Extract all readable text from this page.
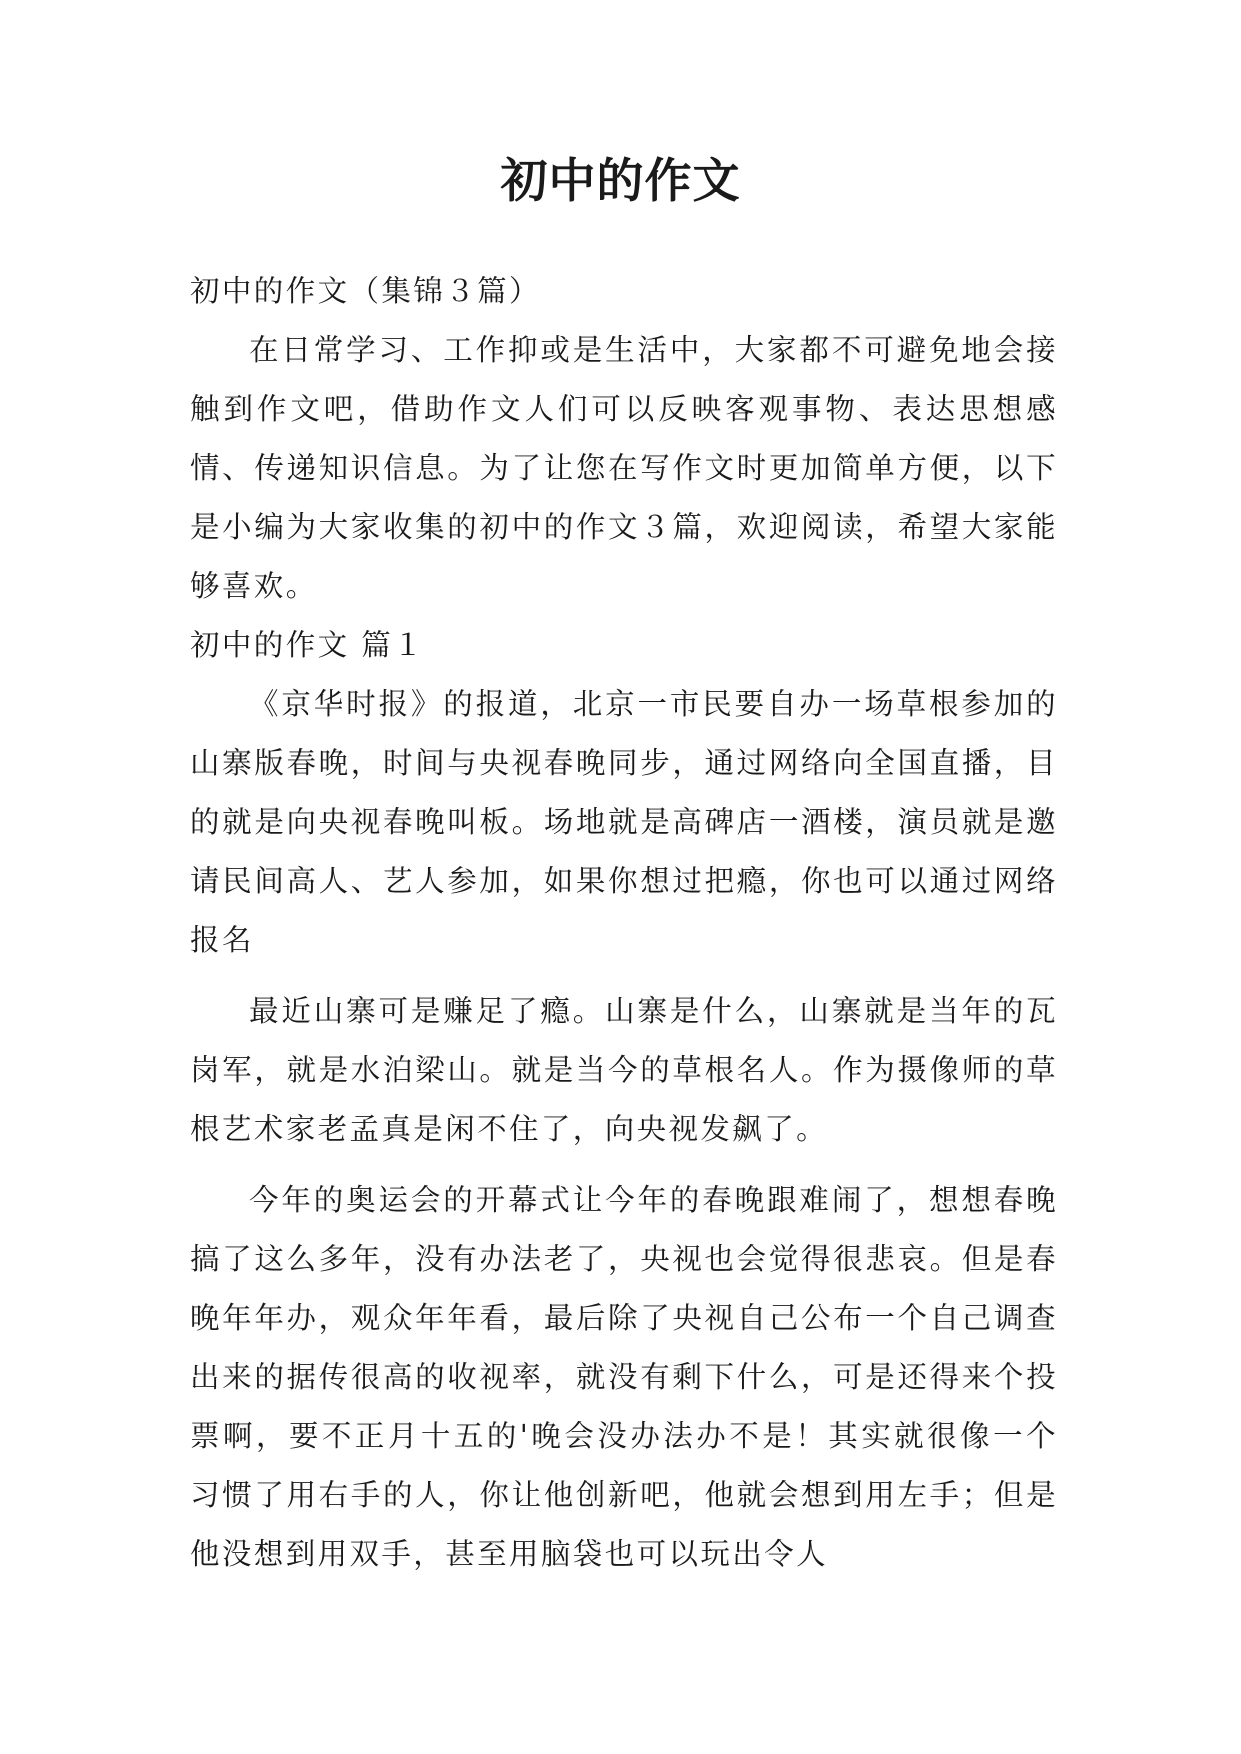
初中的作文

初中的作文（集锦３篇）

在日常学习、工作抑或是生活中，大家都不可避免地会接触到作文吧，借助作文人们可以反映客观事物、表达思想感情、传递知识信息。为了让您在写作文时更加简单方便，以下是小编为大家收集的初中的作文３篇，欢迎阅读，希望大家能够喜欢。

初中的作文 篇１

《京华时报》的报道，北京一市民要自办一场草根参加的山寨版春晚，时间与央视春晚同步，通过网络向全国直播，目的就是向央视春晚叫板。场地就是高碑店一酒楼，演员就是邀请民间高人、艺人参加，如果你想过把瘾，你也可以通过网络报名

最近山寨可是赚足了瘾。山寨是什么，山寨就是当年的瓦岗军，就是水泊梁山。就是当今的草根名人。作为摄像师的草根艺术家老孟真是闲不住了，向央视发飙了。

今年的奥运会的开幕式让今年的春晚跟难闹了，想想春晚搞了这么多年，没有办法老了，央视也会觉得很悲哀。但是春晚年年办，观众年年看，最后除了央视自己公布一个自己调查出来的据传很高的收视率，就没有剩下什么，可是还得来个投票啊，要不正月十五的'晚会没办法办不是！其实就很像一个习惯了用右手的人，你让他创新吧，他就会想到用左手；但是他没想到用双手，甚至用脑袋也可以玩出令人
